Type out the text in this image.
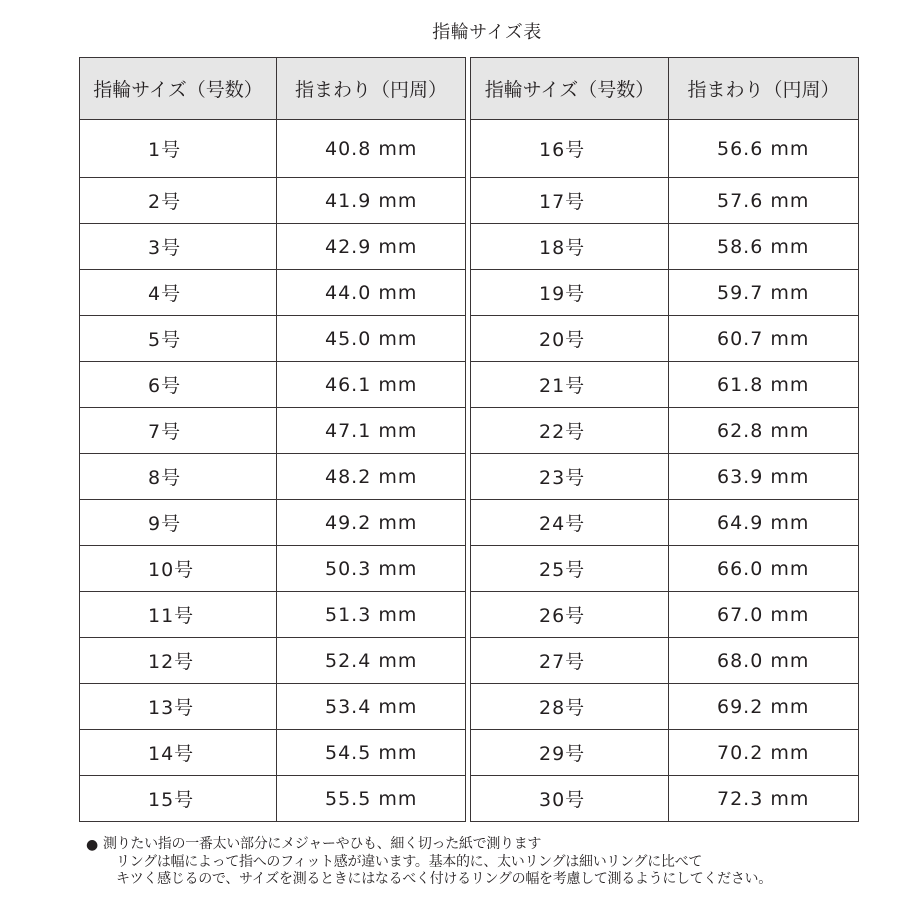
指輪サイズ表
指輪サイズ（号数）	指まわり（円周）
1号	40.8 mm
2号	41.9 mm
3号	42.9 mm
4号	44.0 mm
5号	45.0 mm
6号	46.1 mm
7号	47.1 mm
8号	48.2 mm
9号	49.2 mm
10号	50.3 mm
11号	51.3 mm
12号	52.4 mm
13号	53.4 mm
14号	54.5 mm
15号	55.5 mm
指輪サイズ（号数）	指まわり（円周）
16号	56.6 mm
17号	57.6 mm
18号	58.6 mm
19号	59.7 mm
20号	60.7 mm
21号	61.8 mm
22号	62.8 mm
23号	63.9 mm
24号	64.9 mm
25号	66.0 mm
26号	67.0 mm
27号	68.0 mm
28号	69.2 mm
29号	70.2 mm
30号	72.3 mm
● 測りたい指の一番太い部分にメジャーやひも、細く切った紙で測ります
リングは幅によって指へのフィット感が違います。基本的に、太いリングは細いリングに比べて
キツく感じるので、サイズを測るときにはなるべく付けるリングの幅を考慮して測るようにしてください。
